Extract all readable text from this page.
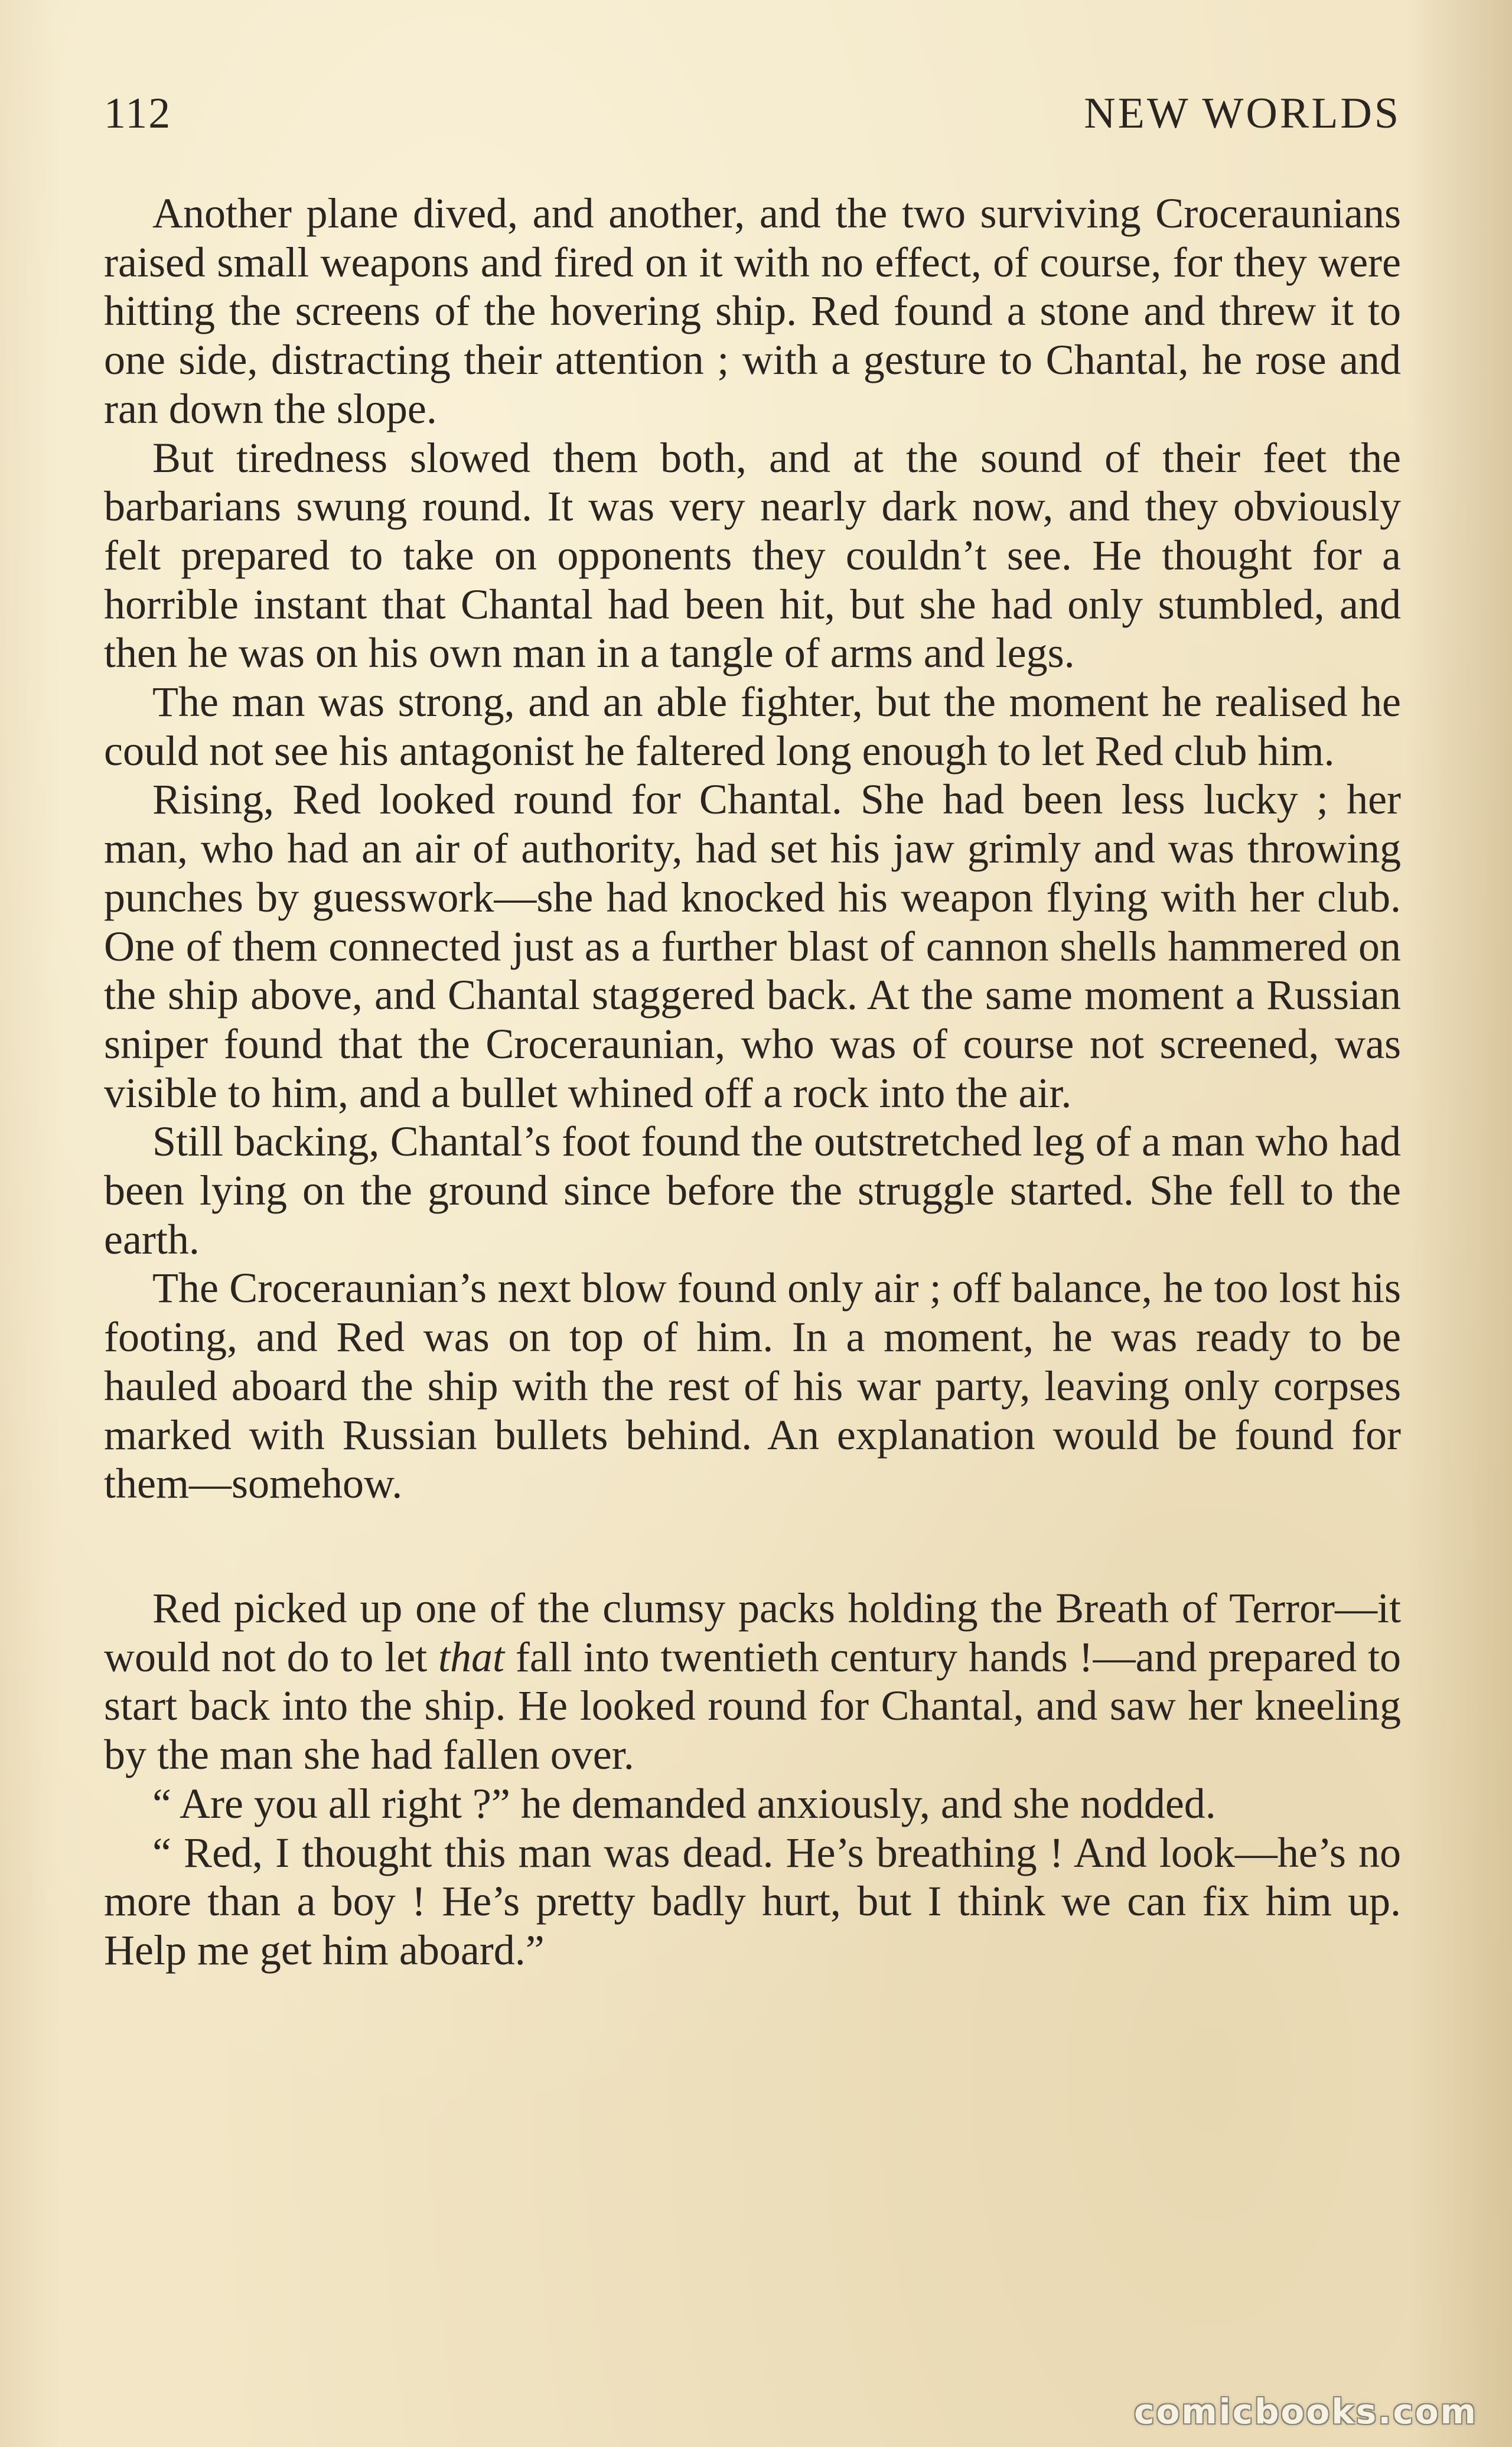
112	NEW WORLDS

Another plane dived, and another, and the two surviving Croceraunians raised small weapons and fired on it with no effect, of course, for they were hitting the screens of the hovering ship. Red found a stone and threw it to one side, distracting their attention ; with a gesture to Chantal, he rose and ran down the slope.

But tiredness slowed them both, and at the sound of their feet the barbarians swung round. It was very nearly dark now, and they obviously felt prepared to take on opponents they couldn’t see. He thought for a horrible instant that Chantal had been hit, but she had only stumbled, and then he was on his own man in a tangle of arms and legs.

The man was strong, and an able fighter, but the moment he realised he could not see his antagonist he faltered long enough to let Red club him.

Rising, Red looked round for Chantal. She had been less lucky ; her man, who had an air of authority, had set his jaw grimly and was throwing punches by guesswork—she had knocked his weapon flying with her club. One of them connected just as a further blast of cannon shells hammered on the ship above, and Chantal staggered back. At the same moment a Russian sniper found that the Croceraunian, who was of course not screened, was visible to him, and a bullet whined off a rock into the air.

Still backing, Chantal’s foot found the outstretched leg of a man who had been lying on the ground since before the struggle started. She fell to the earth.

The Croceraunian’s next blow found only air ; off balance, he too lost his footing, and Red was on top of him. In a moment, he was ready to be hauled aboard the ship with the rest of his war party, leaving only corpses marked with Russian bullets behind. An explanation would be found for them—somehow.

Red picked up one of the clumsy packs holding the Breath of Terror—it would not do to let that fall into twentieth century hands !—and prepared to start back into the ship. He looked round for Chantal, and saw her kneeling by the man she had fallen over.

“ Are you all right ?” he demanded anxiously, and she nodded.

“ Red, I thought this man was dead. He’s breathing ! And look—he’s no more than a boy ! He’s pretty badly hurt, but I think we can fix him up. Help me get him aboard.”

comicbooks.com
